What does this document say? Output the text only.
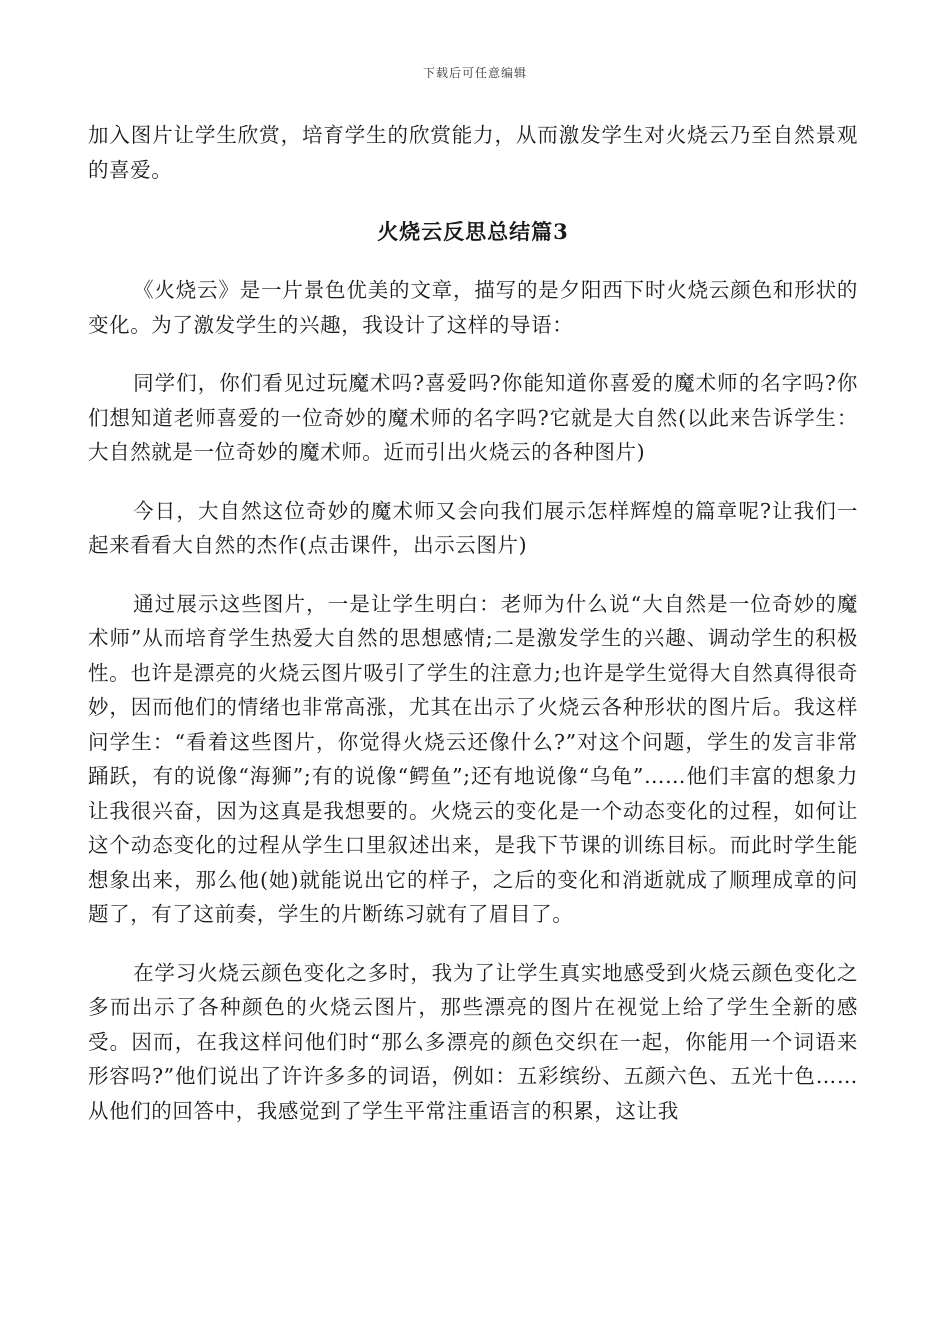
下载后可任意编辑

加入图片让学生欣赏，培育学生的欣赏能力，从而激发学生对火烧云乃至自然景观的喜爱。

火烧云反思总结篇3

《火烧云》是一片景色优美的文章，描写的是夕阳西下时火烧云颜色和形状的变化。为了激发学生的兴趣，我设计了这样的导语：

同学们，你们看见过玩魔术吗?喜爱吗?你能知道你喜爱的魔术师的名字吗?你们想知道老师喜爱的一位奇妙的魔术师的名字吗?它就是大自然(以此来告诉学生：大自然就是一位奇妙的魔术师。近而引出火烧云的各种图片)

今日，大自然这位奇妙的魔术师又会向我们展示怎样辉煌的篇章呢?让我们一起来看看大自然的杰作(点击课件，出示云图片)

通过展示这些图片，一是让学生明白：老师为什么说“大自然是一位奇妙的魔术师”从而培育学生热爱大自然的思想感情;二是激发学生的兴趣、调动学生的积极性。也许是漂亮的火烧云图片吸引了学生的注意力;也许是学生觉得大自然真得很奇妙，因而他们的情绪也非常高涨，尤其在出示了火烧云各种形状的图片后。我这样问学生：“看着这些图片，你觉得火烧云还像什么?”对这个问题，学生的发言非常踊跃，有的说像“海狮”;有的说像“鳄鱼”;还有地说像“乌龟”……他们丰富的想象力让我很兴奋，因为这真是我想要的。火烧云的变化是一个动态变化的过程，如何让这个动态变化的过程从学生口里叙述出来，是我下节课的训练目标。而此时学生能想象出来，那么他(她)就能说出它的样子，之后的变化和消逝就成了顺理成章的问题了，有了这前奏，学生的片断练习就有了眉目了。

在学习火烧云颜色变化之多时，我为了让学生真实地感受到火烧云颜色变化之多而出示了各种颜色的火烧云图片，那些漂亮的图片在视觉上给了学生全新的感受。因而，在我这样问他们时“那么多漂亮的颜色交织在一起，你能用一个词语来形容吗?”他们说出了许许多多的词语，例如：五彩缤纷、五颜六色、五光十色……从他们的回答中，我感觉到了学生平常注重语言的积累，这让我
